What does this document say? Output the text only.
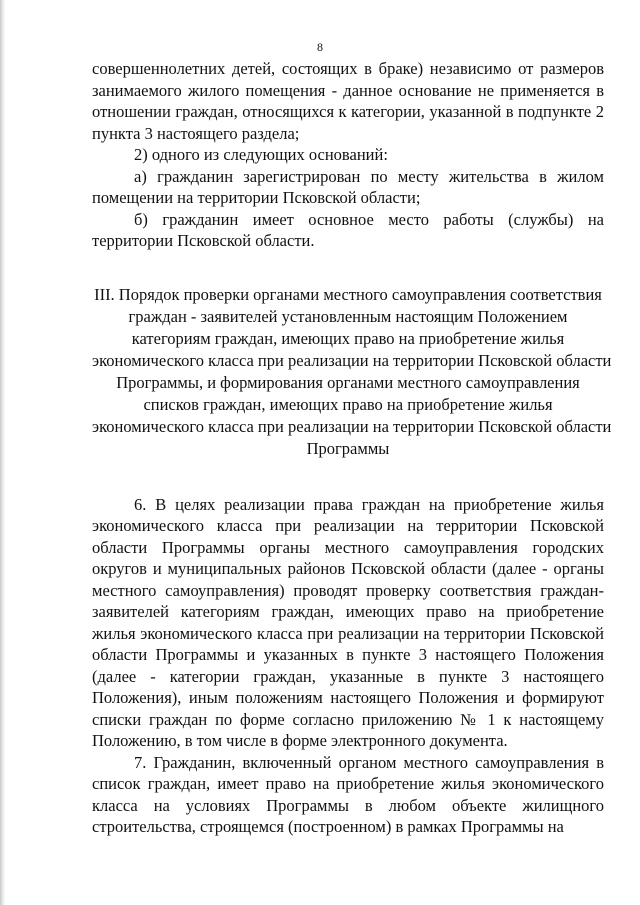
8

совершеннолетних детей, состоящих в браке) независимо от размеров занимаемого жилого помещения - данное основание не применяется в отношении граждан, относящихся к категории, указанной в подпункте 2 пункта 3 настоящего раздела;

2) одного из следующих оснований:

а) гражданин зарегистрирован по месту жительства в жилом помещении на территории Псковской области;

б) гражданин имеет основное место работы (службы) на территории Псковской области.

III. Порядок проверки органами местного самоуправления соответствия
граждан - заявителей установленным настоящим Положением
категориям граждан, имеющих право на приобретение жилья
экономического класса при реализации на территории Псковской области
Программы, и формирования органами местного самоуправления
списков граждан, имеющих право на приобретение жилья
экономического класса при реализации на территории Псковской области
Программы

6. В целях реализации права граждан на приобретение жилья экономического класса при реализации на территории Псковской области Программы органы местного самоуправления городских округов и муниципальных районов Псковской области (далее - органы местного самоуправления) проводят проверку соответствия граждан-заявителей категориям граждан, имеющих право на приобретение жилья экономического класса при реализации на территории Псковской области Программы и указанных в пункте 3 настоящего Положения (далее - категории граждан, указанные в пункте 3 настоящего Положения), иным положениям настоящего Положения и формируют списки граждан по форме согласно приложению № 1 к настоящему Положению, в том числе в форме электронного документа.

7. Гражданин, включенный органом местного самоуправления в список граждан, имеет право на приобретение жилья экономического класса на условиях Программы в любом объекте жилищного строительства, строящемся (построенном) в рамках Программы на
